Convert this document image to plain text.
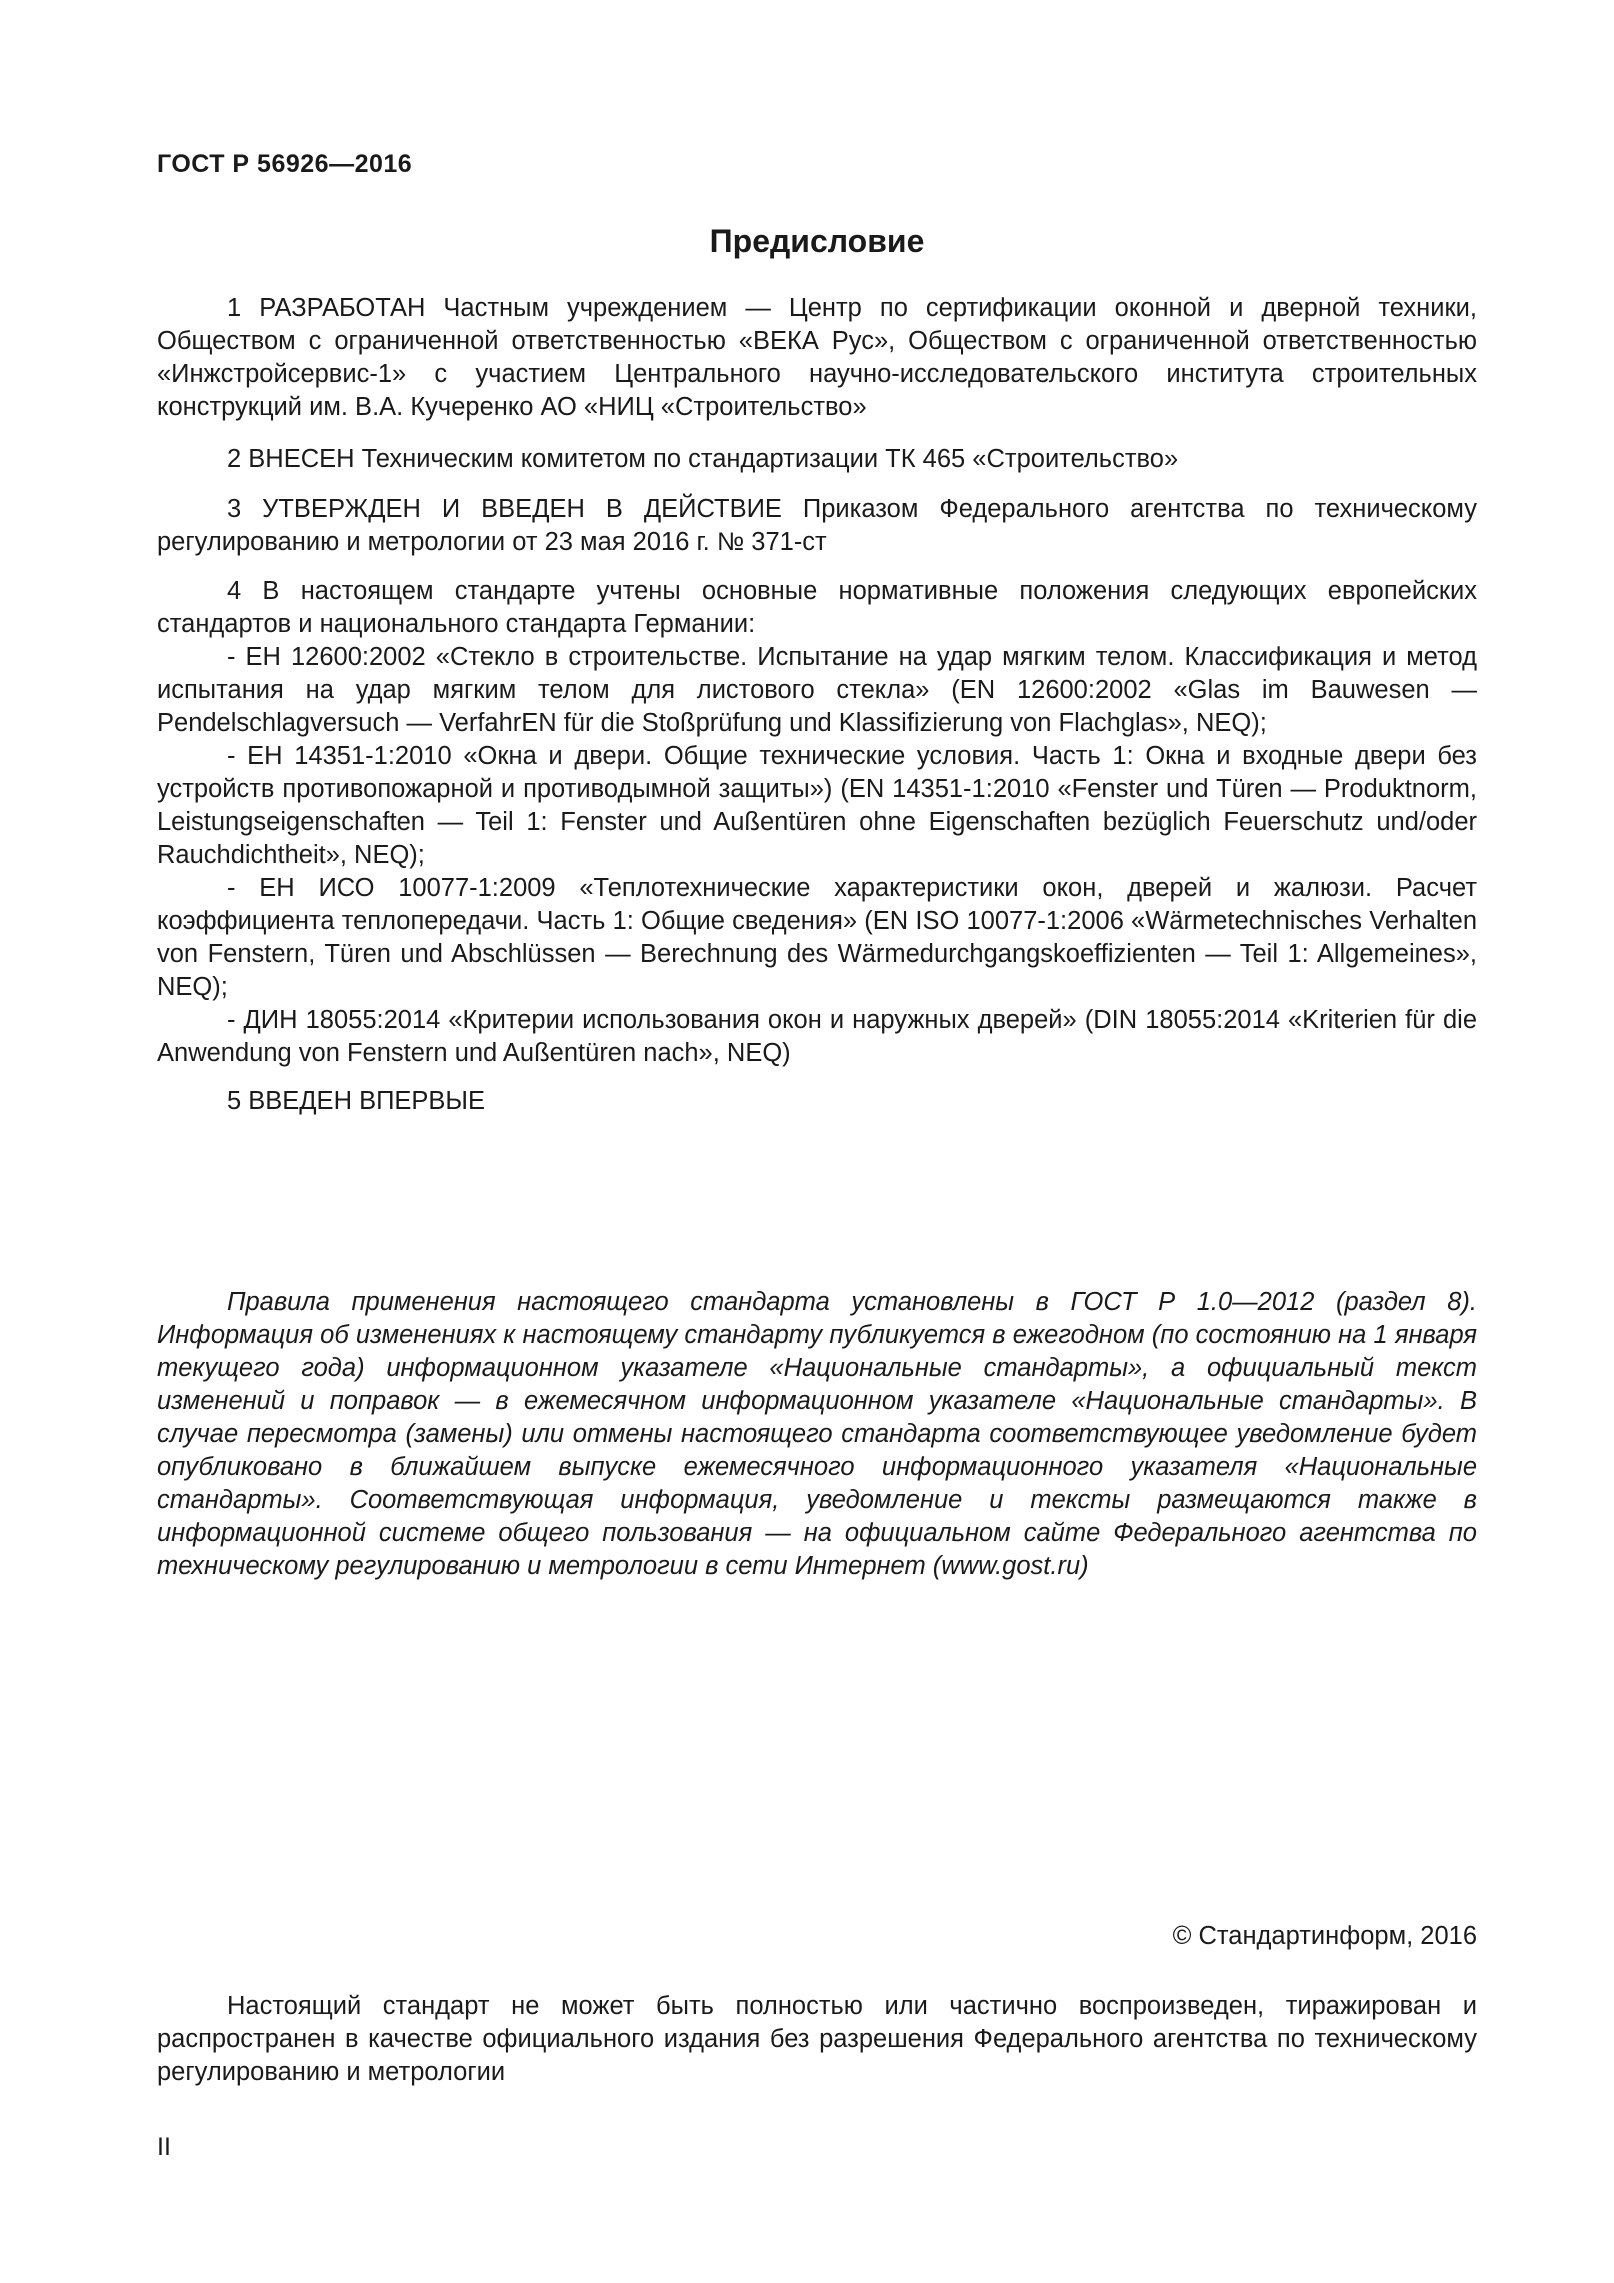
ГОСТ Р 56926—2016

Предисловие

1 РАЗРАБОТАН Частным учреждением — Центр по сертификации оконной и дверной техники, Обществом с ограниченной ответственностью «ВЕКА Рус», Обществом с ограниченной ответственностью «Инжстройсервис-1» с участием Центрального научно-исследовательского института строительных конструкций им. В.А. Кучеренко АО «НИЦ «Строительство»

2 ВНЕСЕН Техническим комитетом по стандартизации ТК 465 «Строительство»

3 УТВЕРЖДЕН И ВВЕДЕН В ДЕЙСТВИЕ Приказом Федерального агентства по техническому регулированию и метрологии от 23 мая 2016 г. № 371-ст

4 В настоящем стандарте учтены основные нормативные положения следующих европейских стандартов и национального стандарта Германии:

- ЕН 12600:2002 «Стекло в строительстве. Испытание на удар мягким телом. Классификация и метод испытания на удар мягким телом для листового стекла» (EN 12600:2002 «Glas im Bauwesen — Pendelschlagversuch — VerfahrEN für die Stoßprüfung und Klassifizierung von Flachglas», NEQ);

- ЕН 14351-1:2010 «Окна и двери. Общие технические условия. Часть 1: Окна и входные двери без устройств противопожарной и противодымной защиты») (EN 14351-1:2010 «Fenster und Türen — Produktnorm, Leistungseigenschaften — Teil 1: Fenster und Außentüren ohne Eigenschaften bezüglich Feuerschutz und/oder Rauchdichtheit», NEQ);

- ЕН ИСО 10077-1:2009 «Теплотехнические характеристики окон, дверей и жалюзи. Расчет коэффициента теплопередачи. Часть 1: Общие сведения» (EN ISO 10077-1:2006 «Wärmetechnisches Verhalten von Fenstern, Türen und Abschlüssen — Berechnung des Wärmedurchgangskoeffizienten — Teil 1: Allgemeines», NEQ);

- ДИН 18055:2014 «Критерии использования окон и наружных дверей» (DIN 18055:2014 «Kriterien für die Anwendung von Fenstern und Außentüren nach», NEQ)

5 ВВЕДЕН ВПЕРВЫЕ

Правила применения настоящего стандарта установлены в ГОСТ Р 1.0—2012 (раздел 8). Информация об изменениях к настоящему стандарту публикуется в ежегодном (по состоянию на 1 января текущего года) информационном указателе «Национальные стандарты», а официальный текст изменений и поправок — в ежемесячном информационном указателе «Национальные стандарты». В случае пересмотра (замены) или отмены настоящего стандарта соответствующее уведомление будет опубликовано в ближайшем выпуске ежемесячного информационного указателя «Национальные стандарты». Соответствующая информация, уведомление и тексты размещаются также в информационной системе общего пользования — на официальном сайте Федерального агентства по техническому регулированию и метрологии в сети Интернет (www.gost.ru)

© Стандартинформ, 2016

Настоящий стандарт не может быть полностью или частично воспроизведен, тиражирован и распространен в качестве официального издания без разрешения Федерального агентства по техническому регулированию и метрологии

II
